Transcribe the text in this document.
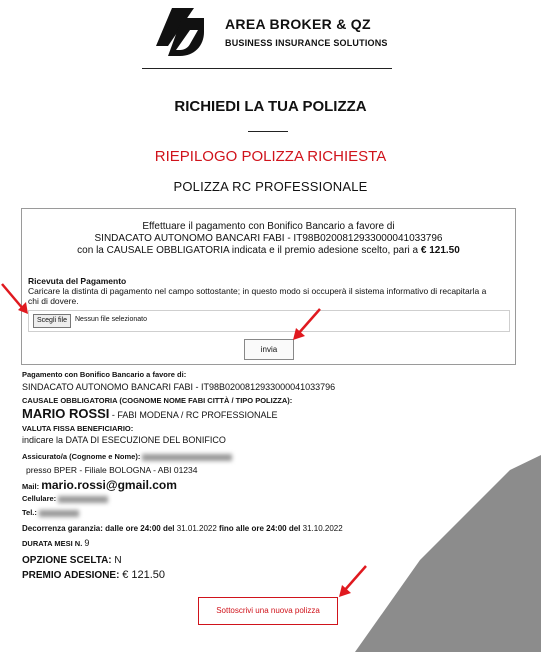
AREA BROKER & QZ
BUSINESS INSURANCE SOLUTIONS
RICHIEDI LA TUA POLIZZA
RIEPILOGO POLIZZA RICHIESTA
POLIZZA RC PROFESSIONALE
Effettuare il pagamento con Bonifico Bancario a favore di
SINDACATO AUTONOMO BANCARI FABI - IT98B0200812933000041033796
con la CAUSALE OBBLIGATORIA indicata e il premio adesione scelto, pari a € 121.50
Ricevuta del Pagamento
Caricare la distinta di pagamento nel campo sottostante; in questo modo si occuperà il sistema informativo di recapitarla a chi di dovere.
Scegli file	Nessun file selezionato
invia
Pagamento con Bonifico Bancario a favore di:
SINDACATO AUTONOMO BANCARI FABI - IT98B0200812933000041033796
CAUSALE OBBLIGATORIA (COGNOME NOME FABI CITTÀ / TIPO POLIZZA):
MARIO ROSSI - FABI MODENA / RC PROFESSIONALE
VALUTA FISSA BENEFICIARIO:
indicare la DATA DI ESECUZIONE DEL BONIFICO
Assicurato/a (Cognome e Nome):
presso BPER - Filiale BOLOGNA - ABI 01234
Mail: mario.rossi@gmail.com
Cellulare:
Tel.:
Decorrenza garanzia: dalle ore 24:00 del 31.01.2022 fino alle ore 24:00 del 31.10.2022
DURATA MESI N. 9
OPZIONE SCELTA: N
PREMIO ADESIONE: € 121.50
Sottoscrivi una nuova polizza
